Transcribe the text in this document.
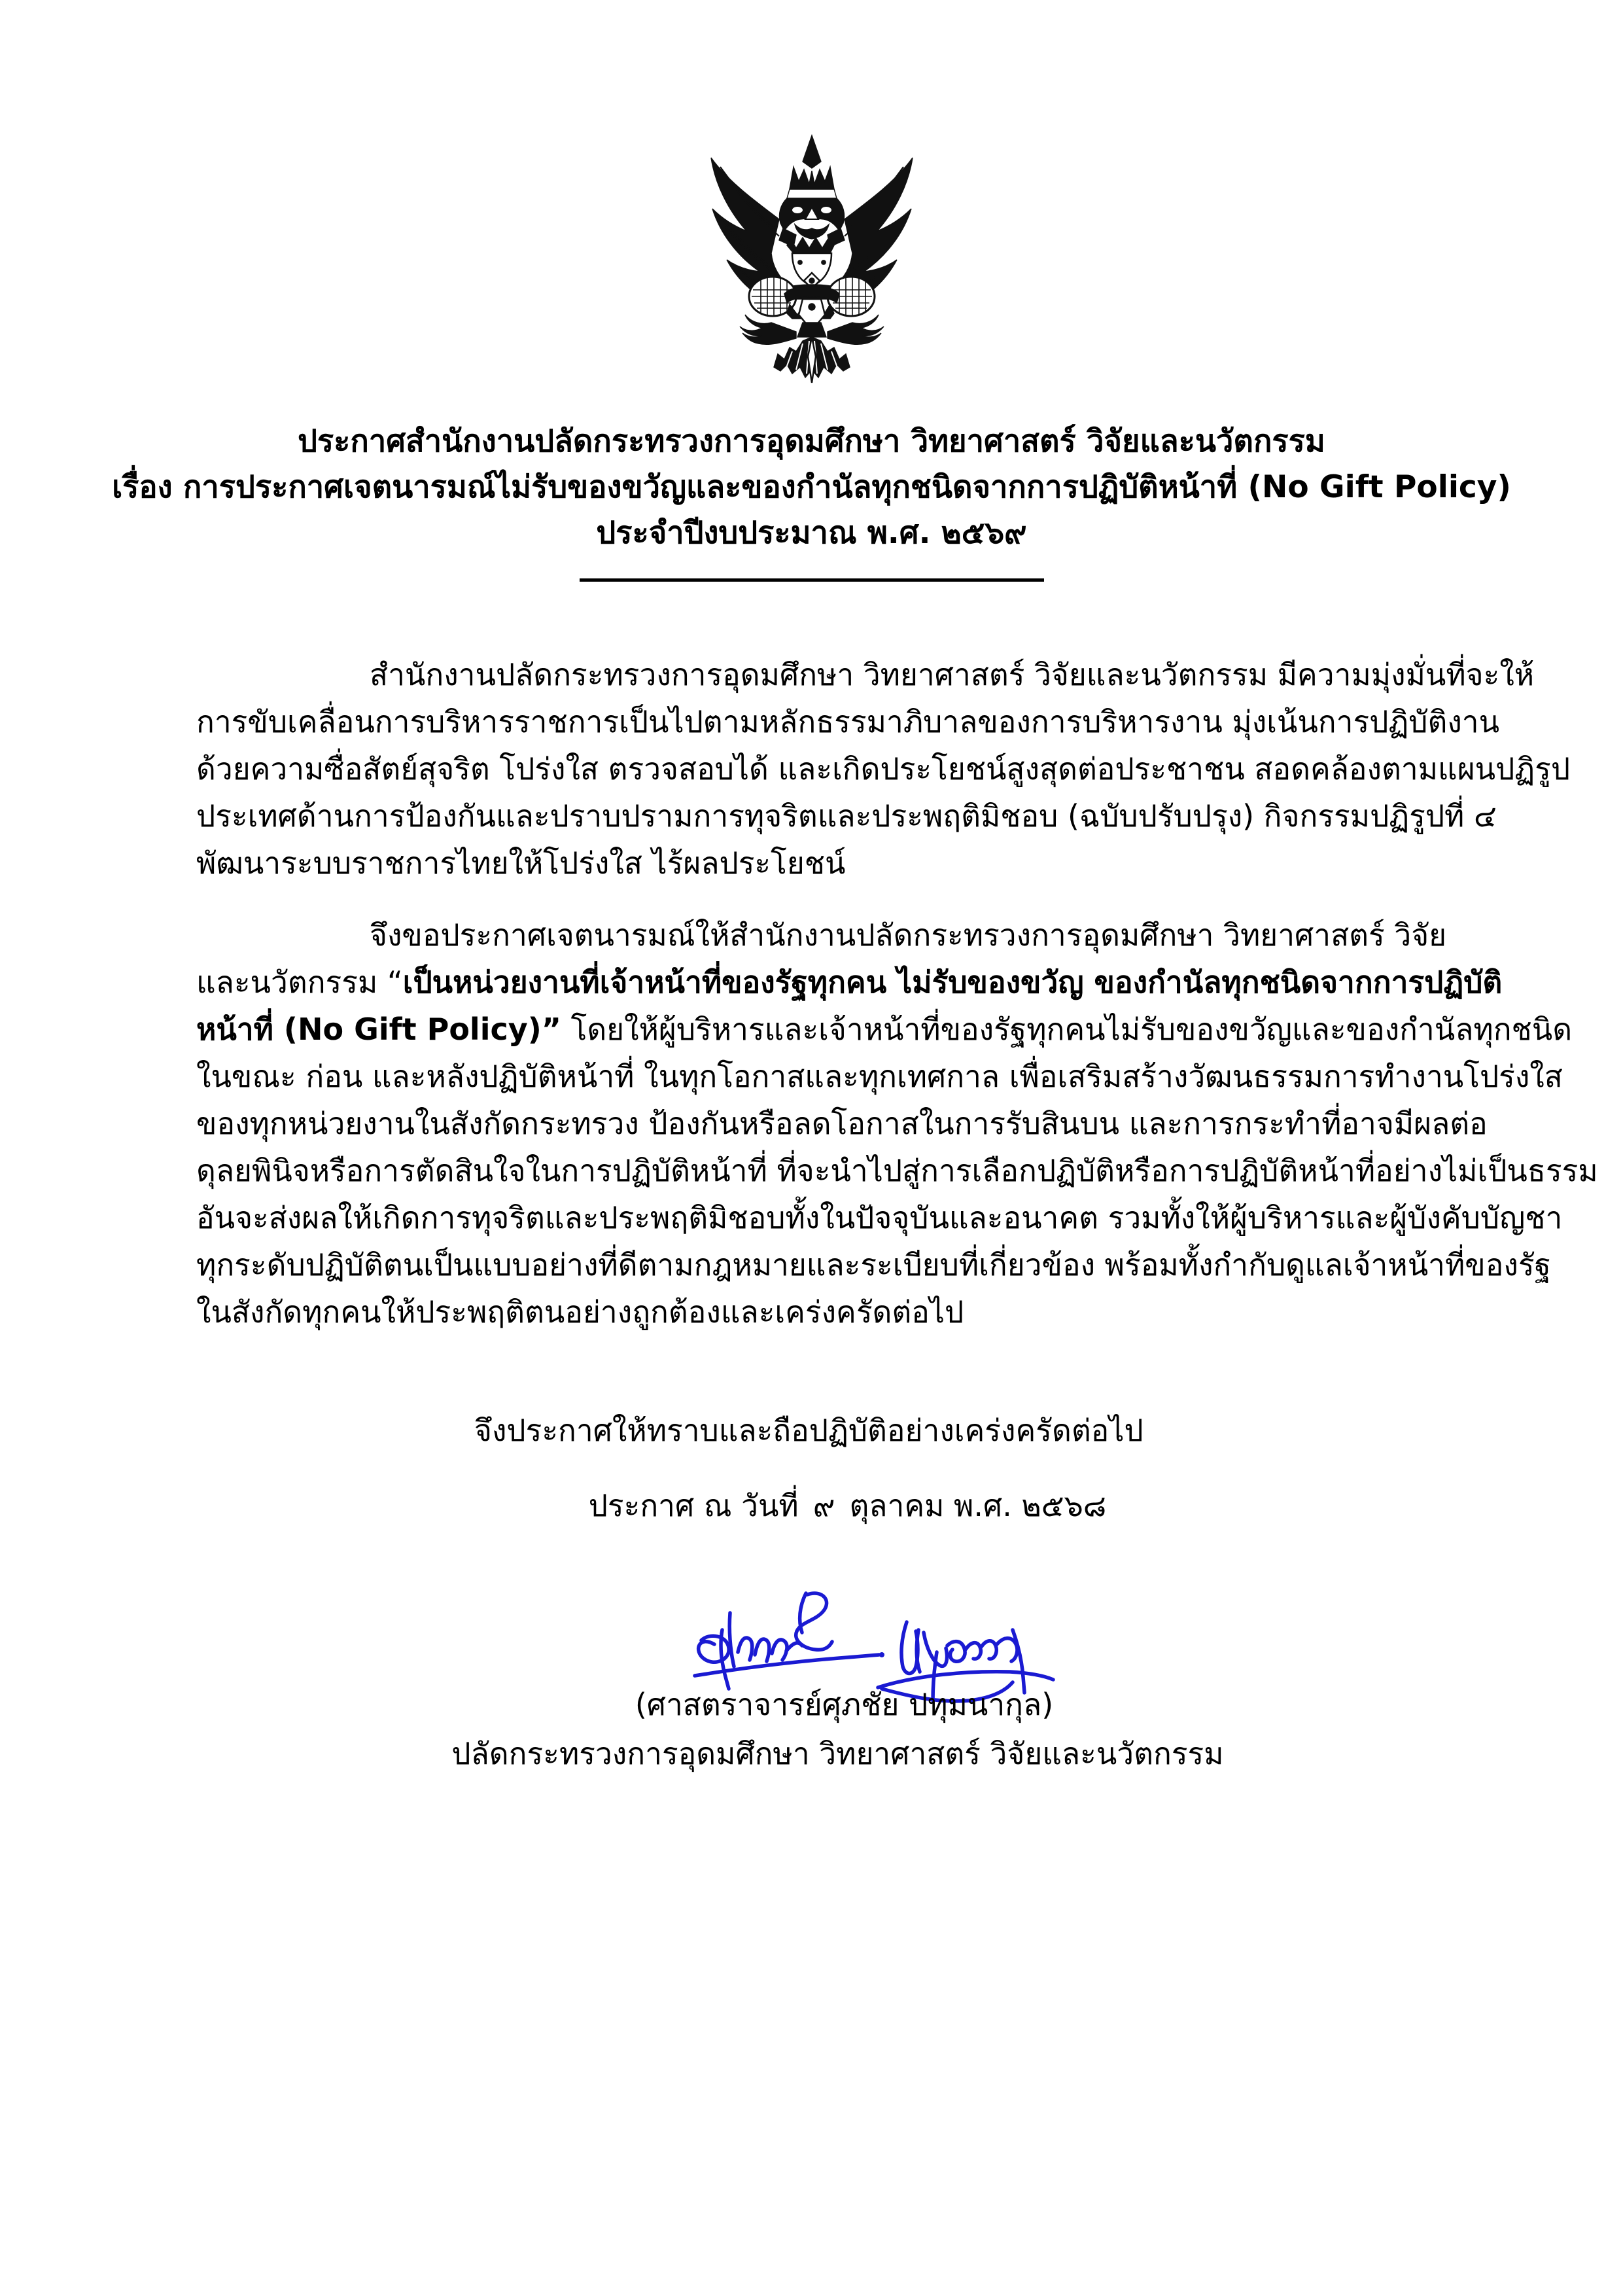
ประกาศสำนักงานปลัดกระทรวงการอุดมศึกษา วิทยาศาสตร์ วิจัยและนวัตกรรม
เรื่อง การประกาศเจตนารมณ์ไม่รับของขวัญและของกำนัลทุกชนิดจากการปฏิบัติหน้าที่ (No Gift Policy)
ประจำปีงบประมาณ พ.ศ. ๒๕๖๙
สำนักงานปลัดกระทรวงการอุดมศึกษา วิทยาศาสตร์ วิจัยและนวัตกรรม มีความมุ่งมั่นที่จะให้
การขับเคลื่อนการบริหารราชการเป็นไปตามหลักธรรมาภิบาลของการบริหารงาน มุ่งเน้นการปฏิบัติงาน
ด้วยความซื่อสัตย์สุจริต โปร่งใส ตรวจสอบได้ และเกิดประโยชน์สูงสุดต่อประชาชน สอดคล้องตามแผนปฏิรูป
ประเทศด้านการป้องกันและปราบปรามการทุจริตและประพฤติมิชอบ (ฉบับปรับปรุง) กิจกรรมปฏิรูปที่ ๔
พัฒนาระบบราชการไทยให้โปร่งใส ไร้ผลประโยชน์
จึงขอประกาศเจตนารมณ์ให้สำนักงานปลัดกระทรวงการอุดมศึกษา วิทยาศาสตร์ วิจัย
และนวัตกรรม “เป็นหน่วยงานที่เจ้าหน้าที่ของรัฐทุกคน ไม่รับของขวัญ ของกำนัลทุกชนิดจากการปฏิบัติ
หน้าที่ (No Gift Policy)” โดยให้ผู้บริหารและเจ้าหน้าที่ของรัฐทุกคนไม่รับของขวัญและของกำนัลทุกชนิด
ในขณะ ก่อน และหลังปฏิบัติหน้าที่ ในทุกโอกาสและทุกเทศกาล เพื่อเสริมสร้างวัฒนธรรมการทำงานโปร่งใส
ของทุกหน่วยงานในสังกัดกระทรวง ป้องกันหรือลดโอกาสในการรับสินบน และการกระทำที่อาจมีผลต่อ
ดุลยพินิจหรือการตัดสินใจในการปฏิบัติหน้าที่ ที่จะนำไปสู่การเลือกปฏิบัติหรือการปฏิบัติหน้าที่อย่างไม่เป็นธรรม
อันจะส่งผลให้เกิดการทุจริตและประพฤติมิชอบทั้งในปัจจุบันและอนาคต รวมทั้งให้ผู้บริหารและผู้บังคับบัญชา
ทุกระดับปฏิบัติตนเป็นแบบอย่างที่ดีตามกฎหมายและระเบียบที่เกี่ยวข้อง พร้อมทั้งกำกับดูแลเจ้าหน้าที่ของรัฐ
ในสังกัดทุกคนให้ประพฤติตนอย่างถูกต้องและเคร่งครัดต่อไป
จึงประกาศให้ทราบและถือปฏิบัติอย่างเคร่งครัดต่อไป
ประกาศ ณ วันที่ ๙ ตุลาคม พ.ศ. ๒๕๖๘
(ศาสตราจารย์ศุภชัย ปทุมนากุล)
ปลัดกระทรวงการอุดมศึกษา วิทยาศาสตร์ วิจัยและนวัตกรรม
